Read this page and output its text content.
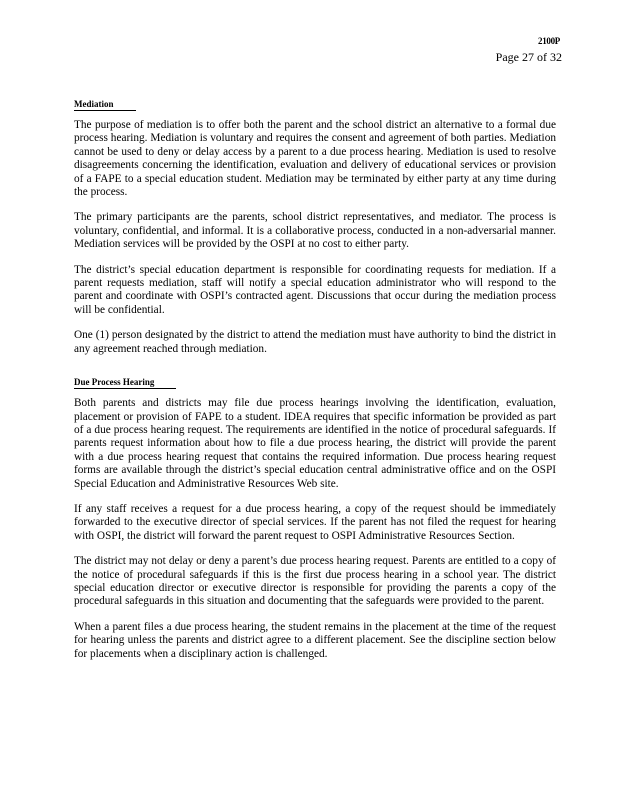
2100P
Page 27 of 32
Mediation

The purpose of mediation is to offer both the parent and the school district an alternative to a formal due process hearing. Mediation is voluntary and requires the consent and agreement of both parties. Mediation cannot be used to deny or delay access by a parent to a due process hearing. Mediation is used to resolve disagreements concerning the identification, evaluation and delivery of educational services or provision of a FAPE to a special education student. Mediation may be terminated by either party at any time during the process.

The primary participants are the parents, school district representatives, and mediator. The process is voluntary, confidential, and informal. It is a collaborative process, conducted in a non-adversarial manner. Mediation services will be provided by the OSPI at no cost to either party.

The district’s special education department is responsible for coordinating requests for mediation. If a parent requests mediation, staff will notify a special education administrator who will respond to the parent and coordinate with OSPI’s contracted agent. Discussions that occur during the mediation process will be confidential.

One (1) person designated by the district to attend the mediation must have authority to bind the district in any agreement reached through mediation.

Due Process Hearing

Both parents and districts may file due process hearings involving the identification, evaluation, placement or provision of FAPE to a student. IDEA requires that specific information be provided as part of a due process hearing request. The requirements are identified in the notice of procedural safeguards. If parents request information about how to file a due process hearing, the district will provide the parent with a due process hearing request that contains the required information. Due process hearing request forms are available through the district’s special education central administrative office and on the OSPI Special Education and Administrative Resources Web site.

If any staff receives a request for a due process hearing, a copy of the request should be immediately forwarded to the executive director of special services. If the parent has not filed the request for hearing with OSPI, the district will forward the parent request to OSPI Administrative Resources Section.

The district may not delay or deny a parent’s due process hearing request. Parents are entitled to a copy of the notice of procedural safeguards if this is the first due process hearing in a school year. The district special education director or executive director is responsible for providing the parents a copy of the procedural safeguards in this situation and documenting that the safeguards were provided to the parent.

When a parent files a due process hearing, the student remains in the placement at the time of the request for hearing unless the parents and district agree to a different placement. See the discipline section below for placements when a disciplinary action is challenged.
